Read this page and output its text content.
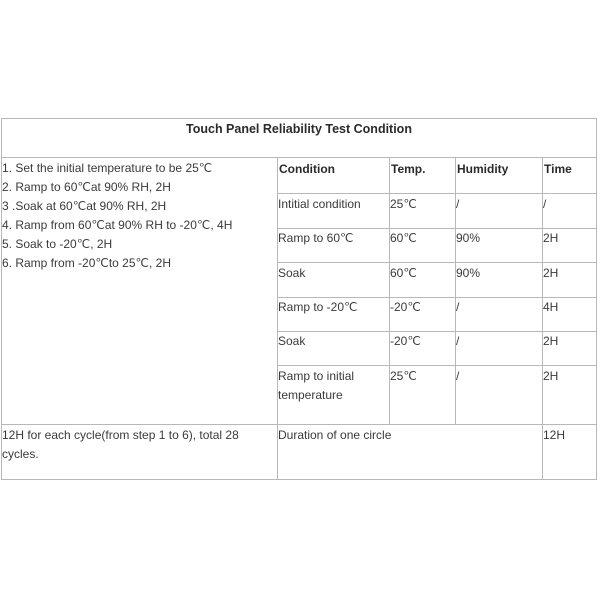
Touch Panel Reliability Test Condition
1. Set the initial temperature to be 25℃
2. Ramp to 60℃at 90% RH, 2H
3 .Soak at 60℃at 90% RH, 2H
4. Ramp from 60℃at 90% RH to -20℃, 4H
5. Soak to -20℃, 2H
6. Ramp from -20℃to 25℃, 2H
Condition	Temp.	Humidity	Time
Intitial condition 25℃	/	/
Ramp to 60℃	60℃	90%	2H
Soak	60℃	90%	2H
Ramp to -20℃	-20℃	/	4H
Soak	-20℃	/	2H
Ramp to initial
temperature
25℃	/	2H
12H for each cycle(from step 1 to 6), total 28
cycles.
Duration of one circle	12H
